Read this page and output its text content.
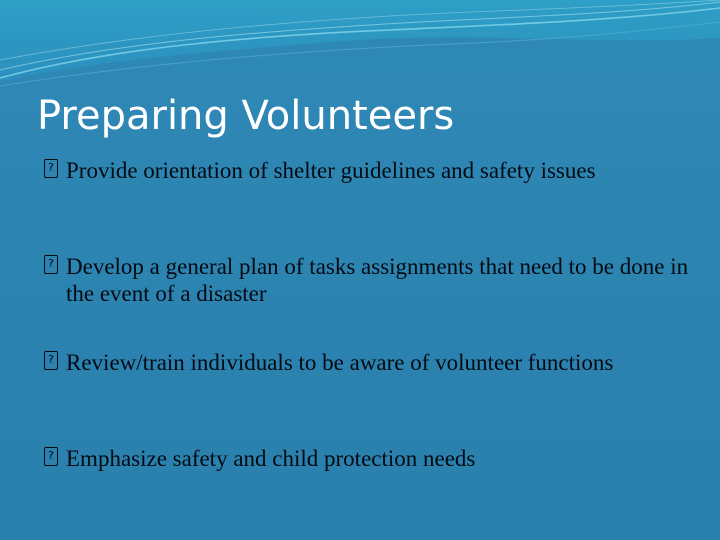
Preparing Volunteers
? Provide orientation of shelter guidelines and safety issues
? Develop a general plan of tasks assignments that need to be done in the event of a disaster
? Review/train individuals to be aware of volunteer functions
? Emphasize safety and child protection needs
